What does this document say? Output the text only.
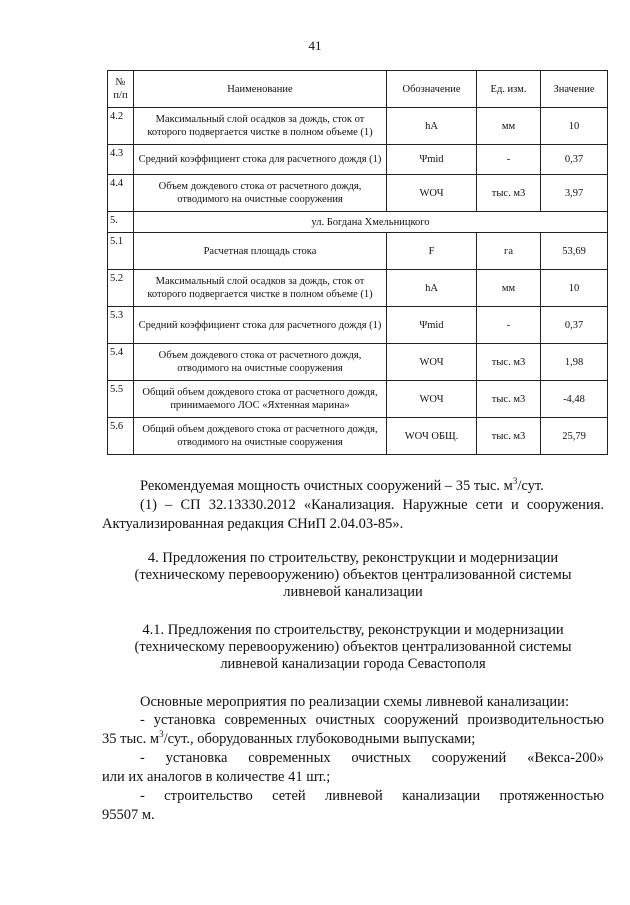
41
№ п/п	Наименование	Обозначение	Ед. изм.	Значение
4.2	Максимальный слой осадков за дождь, сток от которого подвергается чистке в полном объеме (1)	hA	мм	10
4.3	Средний коэффициент стока для расчетного дождя (1)	Ψmid	-	0,37
4.4	Объем дождевого стока от расчетного дождя, отводимого на очистные сооружения	WОЧ	тыс. м3	3,97
5.	ул. Богдана Хмельницкого			
5.1	Расчетная площадь стока	F	га	53,69
5.2	Максимальный слой осадков за дождь, сток от которого подвергается чистке в полном объеме (1)	hA	мм	10
5.3	Средний коэффициент стока для расчетного дождя (1)	Ψmid	-	0,37
5.4	Объем дождевого стока от расчетного дождя, отводимого на очистные сооружения	WОЧ	тыс. м3	1,98
5.5	Общий объем дождевого стока от расчетного дождя, принимаемого ЛОС «Яхтенная марина»	WОЧ	тыс. м3	-4,48
5.6	Общий объем дождевого стока от расчетного дождя, отводимого на очистные сооружения	WОЧ ОБЩ.	тыс. м3	25,79
Рекомендуемая мощность очистных сооружений – 35 тыс. $м^3$/сут.
(1) – СП 32.13330.2012 «Канализация. Наружные сети и сооружения.
Актуализированная редакция СНиП 2.04.03-85».
4. Предложения по строительству, реконструкции и модернизации
(техническому перевооружению) объектов централизованной системы
ливневой канализации
4.1. Предложения по строительству, реконструкции и модернизации
(техническому перевооружению) объектов централизованной системы
ливневой канализации города Севастополя
Основные мероприятия по реализации схемы ливневой канализации:
- установка современных очистных сооружений производительностью
35 тыс. $м^3$/сут., оборудованных глубоководными выпусками;
- установка современных очистных сооружений «Векса-200»
или их аналогов в количестве 41 шт.;
- строительство сетей ливневой канализации протяженностью
95507 м.
